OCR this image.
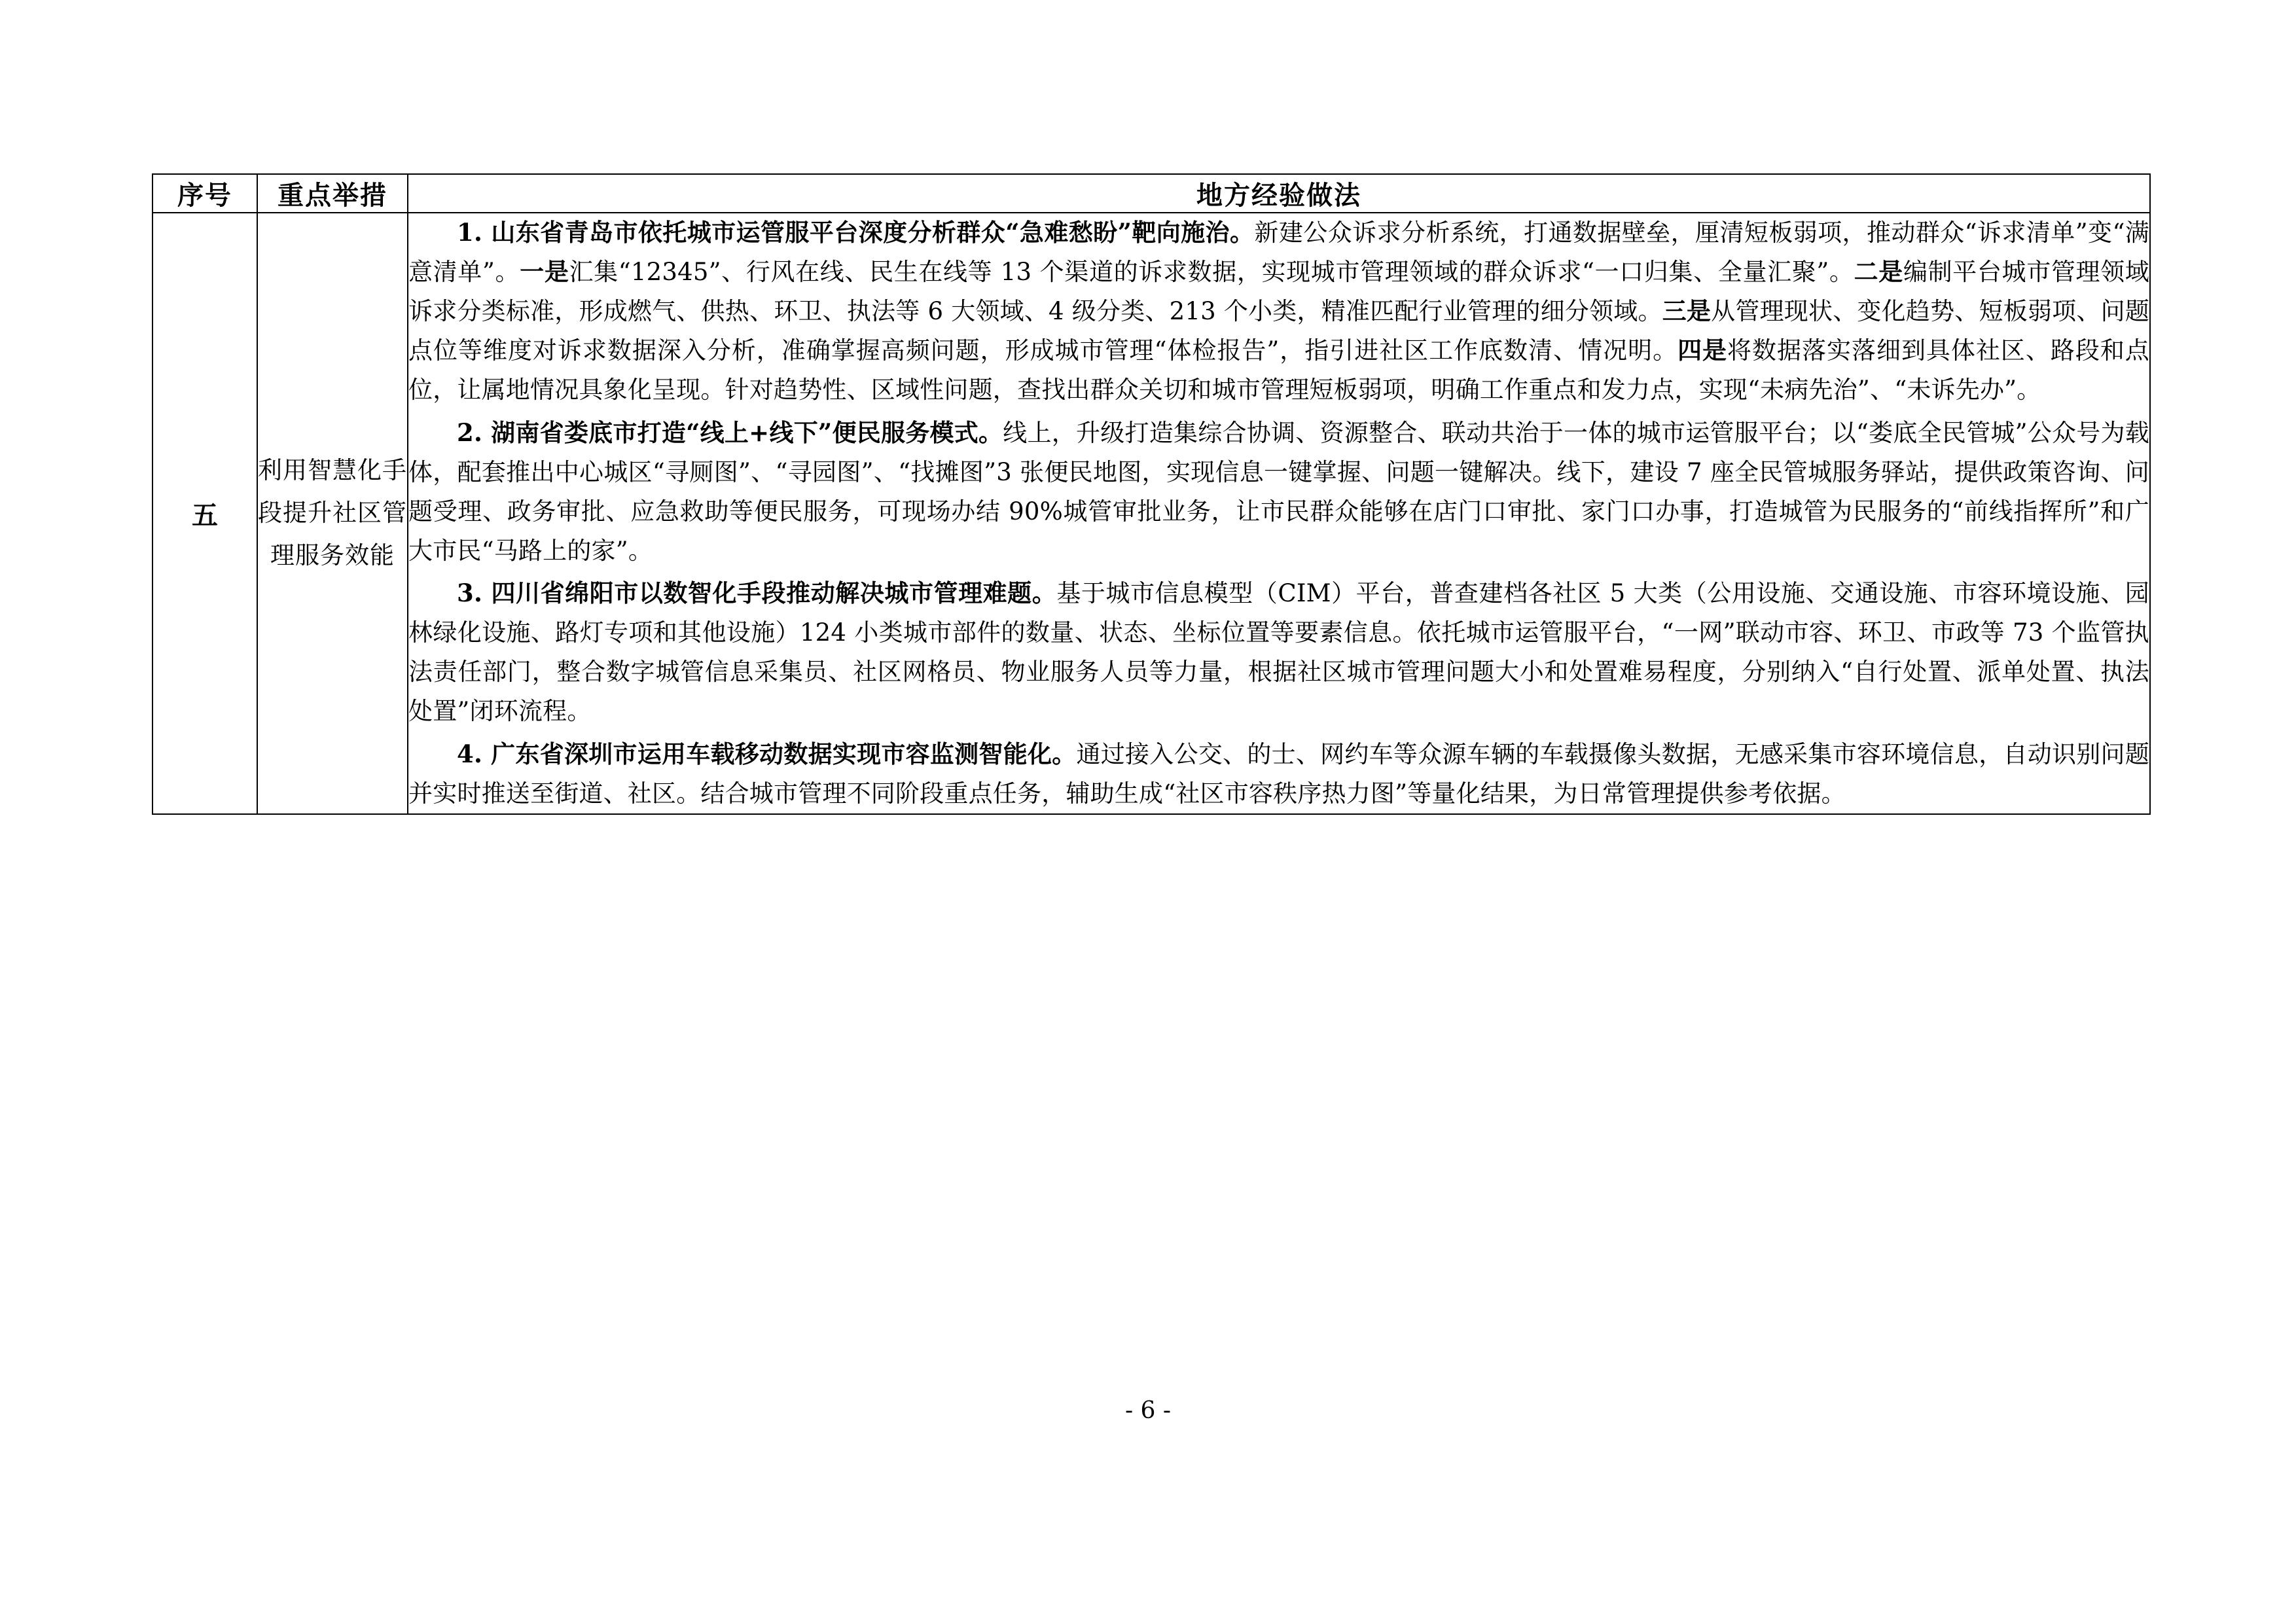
序号	重点举措	地方经验做法
五	利用智慧化手段提升社区管理服务效能	1. 山东省青岛市依托城市运管服平台深度分析群众“急难愁盼”靶向施治。新建公众诉求分析系统，打通数据壁垒，厘清短板弱项，推动群众“诉求清单”变“满意清单”。一是汇集“12345”、行风在线、民生在线等 13 个渠道的诉求数据，实现城市管理领域的群众诉求“一口归集、全量汇聚”。二是编制平台城市管理领域诉求分类标准，形成燃气、供热、环卫、执法等 6 大领域、4 级分类、213 个小类，精准匹配行业管理的细分领域。三是从管理现状、变化趋势、短板弱项、问题点位等维度对诉求数据深入分析，准确掌握高频问题，形成城市管理“体检报告”，指引进社区工作底数清、情况明。四是将数据落实落细到具体社区、路段和点位，让属地情况具象化呈现。针对趋势性、区域性问题，查找出群众关切和城市管理短板弱项，明确工作重点和发力点，实现“未病先治”、“未诉先办”。

2. 湖南省娄底市打造“线上+线下”便民服务模式。线上，升级打造集综合协调、资源整合、联动共治于一体的城市运管服平台；以“娄底全民管城”公众号为载体，配套推出中心城区“寻厕图”、“寻园图”、“找摊图”3 张便民地图，实现信息一键掌握、问题一键解决。线下，建设 7 座全民管城服务驿站，提供政策咨询、问题受理、政务审批、应急救助等便民服务，可现场办结 90%城管审批业务，让市民群众能够在店门口审批、家门口办事，打造城管为民服务的“前线指挥所”和广大市民“马路上的家”。

3. 四川省绵阳市以数智化手段推动解决城市管理难题。基于城市信息模型（CIM）平台，普查建档各社区 5 大类（公用设施、交通设施、市容环境设施、园林绿化设施、路灯专项和其他设施）124 小类城市部件的数量、状态、坐标位置等要素信息。依托城市运管服平台，“一网”联动市容、环卫、市政等 73 个监管执法责任部门，整合数字城管信息采集员、社区网格员、物业服务人员等力量，根据社区城市管理问题大小和处置难易程度，分别纳入“自行处置、派单处置、执法处置”闭环流程。

4. 广东省深圳市运用车载移动数据实现市容监测智能化。通过接入公交、的士、网约车等众源车辆的车载摄像头数据，无感采集市容环境信息，自动识别问题并实时推送至街道、社区。结合城市管理不同阶段重点任务，辅助生成“社区市容秩序热力图”等量化结果，为日常管理提供参考依据。

- 6 -
